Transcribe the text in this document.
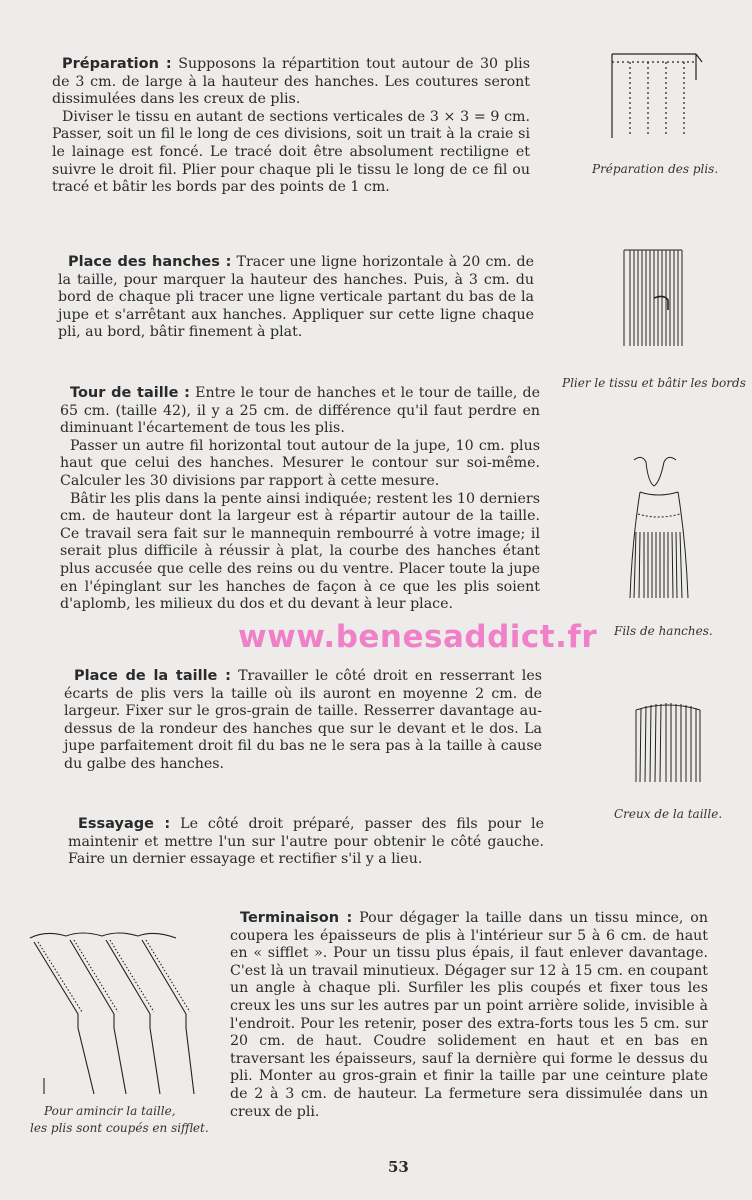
Préparation : Supposons la répartition tout autour de 30 plis de 3 cm. de large à la hauteur des hanches. Les coutures seront dissimulées dans les creux de plis.

Diviser le tissu en autant de sections verticales de 3 × 3 = 9 cm. Passer, soit un fil le long de ces divisions, soit un trait à la craie si le lainage est foncé. Le tracé doit être absolument rectiligne et suivre le droit fil. Plier pour chaque pli le tissu le long de ce fil ou tracé et bâtir les bords par des points de 1 cm.

Place des hanches : Tracer une ligne horizontale à 20 cm. de la taille, pour marquer la hauteur des hanches. Puis, à 3 cm. du bord de chaque pli tracer une ligne verticale partant du bas de la jupe et s'arrêtant aux hanches. Appliquer sur cette ligne chaque pli, au bord, bâtir finement à plat.

Tour de taille : Entre le tour de hanches et le tour de taille, de 65 cm. (taille 42), il y a 25 cm. de différence qu'il faut perdre en diminuant l'écartement de tous les plis.

Passer un autre fil horizontal tout autour de la jupe, 10 cm. plus haut que celui des hanches. Mesurer le contour sur soi-même. Calculer les 30 divisions par rapport à cette mesure.

Bâtir les plis dans la pente ainsi indiquée; restent les 10 derniers cm. de hauteur dont la largeur est à répartir autour de la taille. Ce travail sera fait sur le mannequin rembourré à votre image; il serait plus difficile à réussir à plat, la courbe des hanches étant plus accusée que celle des reins ou du ventre. Placer toute la jupe en l'épinglant sur les hanches de façon à ce que les plis soient d'aplomb, les milieux du dos et du devant à leur place.

Place de la taille : Travailler le côté droit en resserrant les écarts de plis vers la taille où ils auront en moyenne 2 cm. de largeur. Fixer sur le gros-grain de taille. Resserrer davantage au-dessus de la rondeur des hanches que sur le devant et le dos. La jupe parfaitement droit fil du bas ne le sera pas à la taille à cause du galbe des hanches.

Essayage : Le côté droit préparé, passer des fils pour le maintenir et mettre l'un sur l'autre pour obtenir le côté gauche. Faire un dernier essayage et rectifier s'il y a lieu.

Terminaison : Pour dégager la taille dans un tissu mince, on coupera les épaisseurs de plis à l'intérieur sur 5 à 6 cm. de haut en « sifflet ». Pour un tissu plus épais, il faut enlever davantage. C'est là un travail minutieux. Dégager sur 12 à 15 cm. en coupant un angle à chaque pli. Surfiler les plis coupés et fixer tous les creux les uns sur les autres par un point arrière solide, invisible à l'endroit. Pour les retenir, poser des extra-forts tous les 5 cm. sur 20 cm. de haut. Coudre solidement en haut et en bas en traversant les épaisseurs, sauf la dernière qui forme le dessus du pli. Monter au gros-grain et finir la taille par une ceinture plate de 2 à 3 cm. de hauteur. La fermeture sera dissimulée dans un creux de pli.

Préparation des plis.
Plier le tissu et bâtir les bords
Fils de hanches.
Creux de la taille.
Pour amincir la taille,
les plis sont coupés en sifflet.
www.benesaddict.fr
53
